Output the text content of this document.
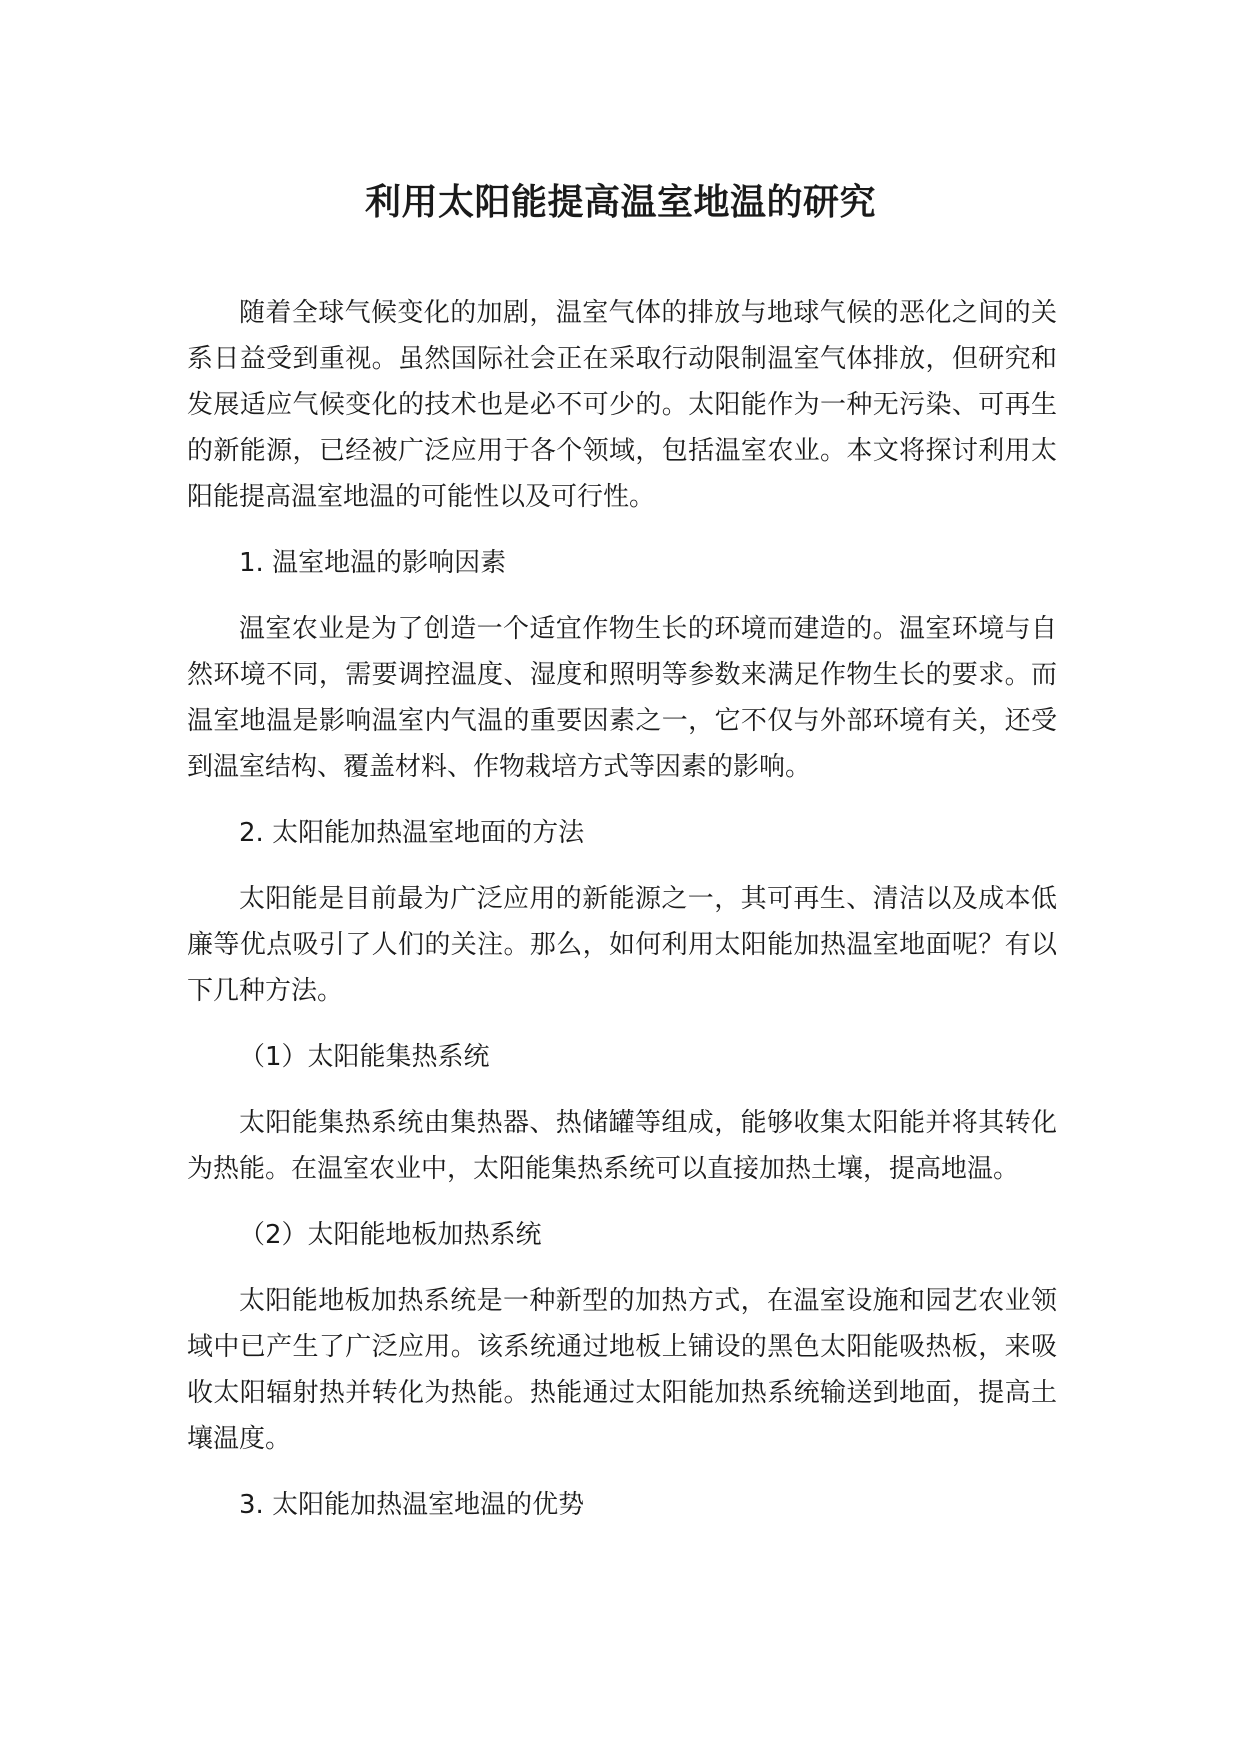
利用太阳能提高温室地温的研究

随着全球气候变化的加剧，温室气体的排放与地球气候的恶化之间的关系日益受到重视。虽然国际社会正在采取行动限制温室气体排放，但研究和发展适应气候变化的技术也是必不可少的。太阳能作为一种无污染、可再生的新能源，已经被广泛应用于各个领域，包括温室农业。本文将探讨利用太阳能提高温室地温的可能性以及可行性。

1. 温室地温的影响因素

温室农业是为了创造一个适宜作物生长的环境而建造的。温室环境与自然环境不同，需要调控温度、湿度和照明等参数来满足作物生长的要求。而温室地温是影响温室内气温的重要因素之一，它不仅与外部环境有关，还受到温室结构、覆盖材料、作物栽培方式等因素的影响。

2. 太阳能加热温室地面的方法

太阳能是目前最为广泛应用的新能源之一，其可再生、清洁以及成本低廉等优点吸引了人们的关注。那么，如何利用太阳能加热温室地面呢？有以下几种方法。

（1）太阳能集热系统

太阳能集热系统由集热器、热储罐等组成，能够收集太阳能并将其转化为热能。在温室农业中，太阳能集热系统可以直接加热土壤，提高地温。

（2）太阳能地板加热系统

太阳能地板加热系统是一种新型的加热方式，在温室设施和园艺农业领域中已产生了广泛应用。该系统通过地板上铺设的黑色太阳能吸热板，来吸收太阳辐射热并转化为热能。热能通过太阳能加热系统输送到地面，提高土壤温度。

3. 太阳能加热温室地温的优势
